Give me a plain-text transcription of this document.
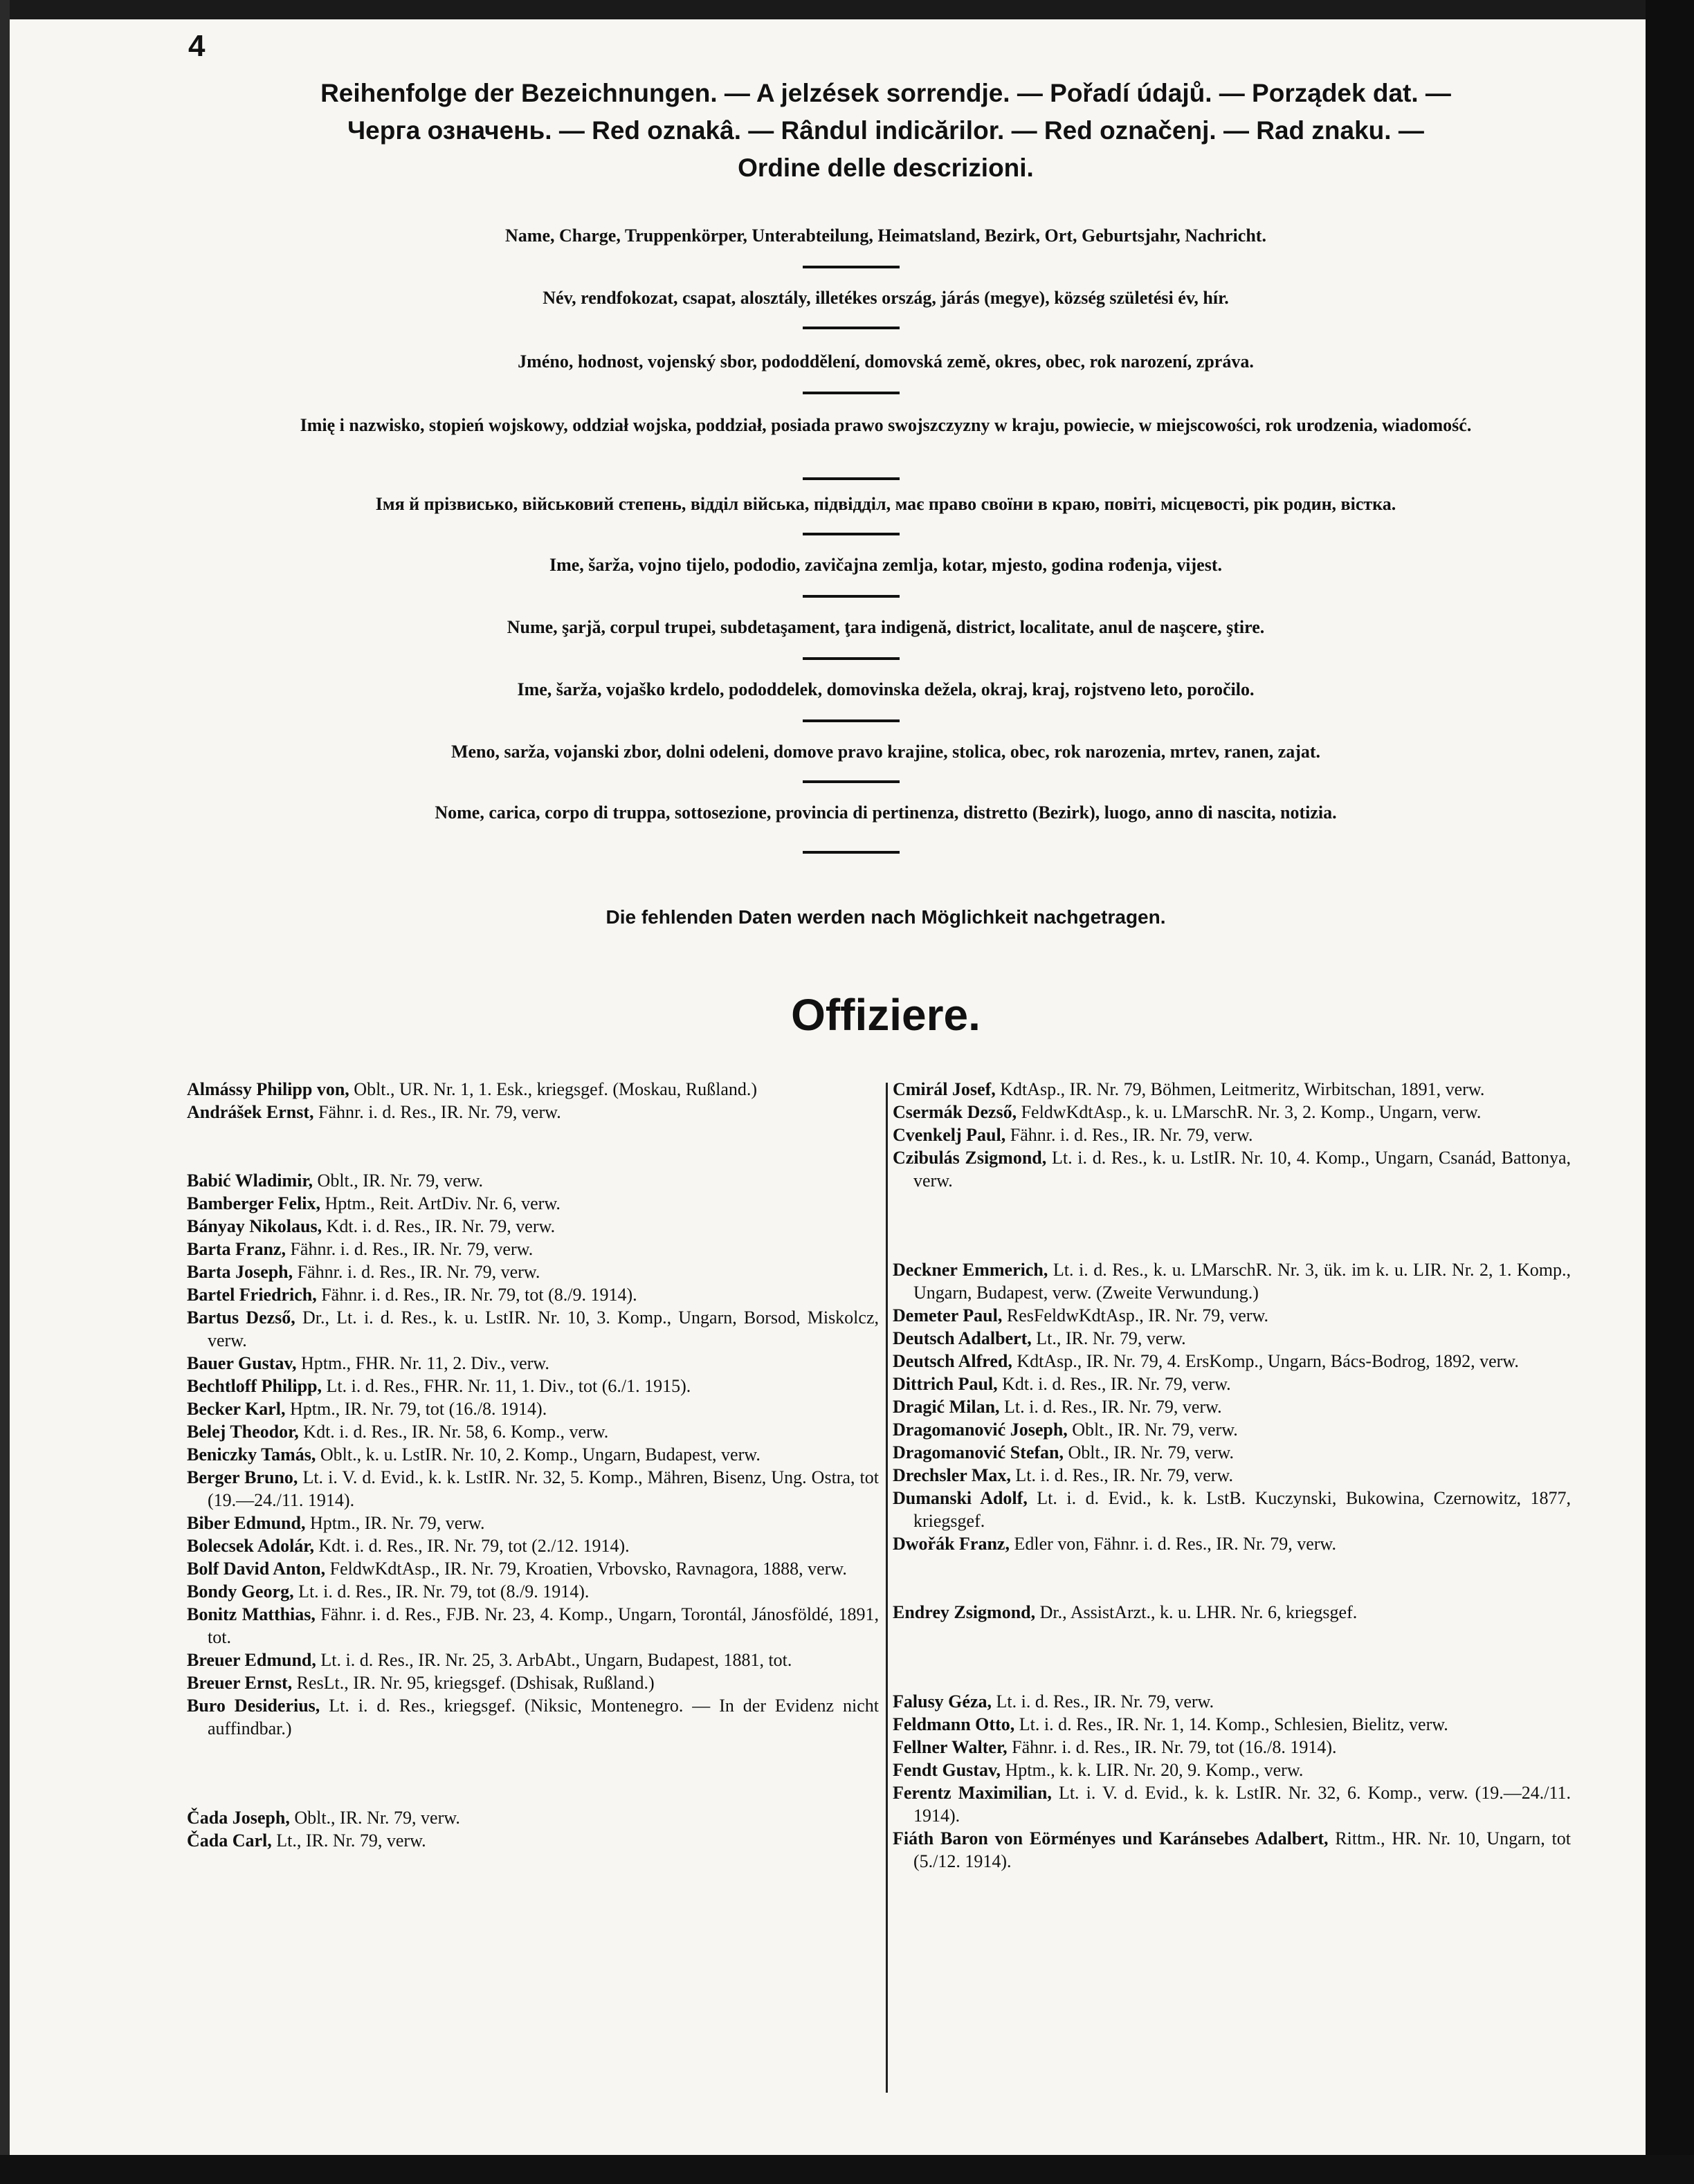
4
Reihenfolge der Bezeichnungen. — A jelzések sorrendje. — Pořadí údajů. — Porządek dat. —
Черга означень. — Red oznakâ. — Rândul indicărilor. — Red označenj. — Rad znaku. —
Ordine delle descrizioni.
Name, Charge, Truppenkörper, Unterabteilung, Heimatsland, Bezirk, Ort, Geburtsjahr, Nachricht.
Név, rendfokozat, csapat, alosztály, illetékes ország, járás (megye), község születési év, hír.
Jméno, hodnost, vojenský sbor, pododdělení, domovská země, okres, obec, rok narození, zpráva.
Imię i nazwisko, stopień wojskowy, oddział wojska, poddział, posiada prawo swojszczyzny w kraju, powiecie, w miejscowości, rok urodzenia, wiadomość.
Імя й прізвисько, військовий степень, відділ війська, підвідділ, має право своїни в краю, повіті, місцевості, рік родин, вістка.
Ime, šarža, vojno tijelo, pododio, zavičajna zemlja, kotar, mjesto, godina rođenja, vijest.
Nume, şarjă, corpul trupei, subdetaşament, ţara indigenă, district, localitate, anul de naşcere, ştire.
Ime, šarža, vojaško krdelo, pododdelek, domovinska dežela, okraj, kraj, rojstveno leto, poročilo.
Meno, sarža, vojanski zbor, dolni odeleni, domove pravo krajine, stolica, obec, rok narozenia, mrtev, ranen, zajat.
Nome, carica, corpo di truppa, sottosezione, provincia di pertinenza, distretto (Bezirk), luogo, anno di nascita, notizia.
Die fehlenden Daten werden nach Möglichkeit nachgetragen.
Offiziere.
Almássy Philipp von, Oblt., UR. Nr. 1, 1. Esk., kriegsgef. (Moskau, Rußland.)
Andrášek Ernst, Fähnr. i. d. Res., IR. Nr. 79, verw.
Babić Wladimir, Oblt., IR. Nr. 79, verw.
Bamberger Felix, Hptm., Reit. ArtDiv. Nr. 6, verw.
Bányay Nikolaus, Kdt. i. d. Res., IR. Nr. 79, verw.
Barta Franz, Fähnr. i. d. Res., IR. Nr. 79, verw.
Barta Joseph, Fähnr. i. d. Res., IR. Nr. 79, verw.
Bartel Friedrich, Fähnr. i. d. Res., IR. Nr. 79, tot (8./9. 1914).
Bartus Dezső, Dr., Lt. i. d. Res., k. u. LstIR. Nr. 10, 3. Komp., Ungarn, Borsod, Miskolcz, verw.
Bauer Gustav, Hptm., FHR. Nr. 11, 2. Div., verw.
Bechtloff Philipp, Lt. i. d. Res., FHR. Nr. 11, 1. Div., tot (6./1. 1915).
Becker Karl, Hptm., IR. Nr. 79, tot (16./8. 1914).
Belej Theodor, Kdt. i. d. Res., IR. Nr. 58, 6. Komp., verw.
Beniczky Tamás, Oblt., k. u. LstIR. Nr. 10, 2. Komp., Ungarn, Budapest, verw.
Berger Bruno, Lt. i. V. d. Evid., k. k. LstIR. Nr. 32, 5. Komp., Mähren, Bisenz, Ung. Ostra, tot (19.—24./11. 1914).
Biber Edmund, Hptm., IR. Nr. 79, verw.
Bolecsek Adolár, Kdt. i. d. Res., IR. Nr. 79, tot (2./12. 1914).
Bolf David Anton, FeldwKdtAsp., IR. Nr. 79, Kroatien, Vrbovsko, Ravnagora, 1888, verw.
Bondy Georg, Lt. i. d. Res., IR. Nr. 79, tot (8./9. 1914).
Bonitz Matthias, Fähnr. i. d. Res., FJB. Nr. 23, 4. Komp., Ungarn, Torontál, Jánosföldé, 1891, tot.
Breuer Edmund, Lt. i. d. Res., IR. Nr. 25, 3. ArbAbt., Ungarn, Budapest, 1881, tot.
Breuer Ernst, ResLt., IR. Nr. 95, kriegsgef. (Dshisak, Rußland.)
Buro Desiderius, Lt. i. d. Res., kriegsgef. (Niksic, Montenegro. — In der Evidenz nicht auffindbar.)
Čada Joseph, Oblt., IR. Nr. 79, verw.
Čada Carl, Lt., IR. Nr. 79, verw.
Cmirál Josef, KdtAsp., IR. Nr. 79, Böhmen, Leitmeritz, Wirbitschan, 1891, verw.
Csermák Dezső, FeldwKdtAsp., k. u. LMarschR. Nr. 3, 2. Komp., Ungarn, verw.
Cvenkelj Paul, Fähnr. i. d. Res., IR. Nr. 79, verw.
Czibulás Zsigmond, Lt. i. d. Res., k. u. LstIR. Nr. 10, 4. Komp., Ungarn, Csanád, Battonya, verw.
Deckner Emmerich, Lt. i. d. Res., k. u. LMarschR. Nr. 3, ük. im k. u. LIR. Nr. 2, 1. Komp., Ungarn, Budapest, verw. (Zweite Verwundung.)
Demeter Paul, ResFeldwKdtAsp., IR. Nr. 79, verw.
Deutsch Adalbert, Lt., IR. Nr. 79, verw.
Deutsch Alfred, KdtAsp., IR. Nr. 79, 4. ErsKomp., Ungarn, Bács-Bodrog, 1892, verw.
Dittrich Paul, Kdt. i. d. Res., IR. Nr. 79, verw.
Dragić Milan, Lt. i. d. Res., IR. Nr. 79, verw.
Dragomanović Joseph, Oblt., IR. Nr. 79, verw.
Dragomanović Stefan, Oblt., IR. Nr. 79, verw.
Drechsler Max, Lt. i. d. Res., IR. Nr. 79, verw.
Dumanski Adolf, Lt. i. d. Evid., k. k. LstB. Kuczynski, Bukowina, Czernowitz, 1877, kriegsgef.
Dwořák Franz, Edler von, Fähnr. i. d. Res., IR. Nr. 79, verw.
Endrey Zsigmond, Dr., AssistArzt., k. u. LHR. Nr. 6, kriegsgef.
Falusy Géza, Lt. i. d. Res., IR. Nr. 79, verw.
Feldmann Otto, Lt. i. d. Res., IR. Nr. 1, 14. Komp., Schlesien, Bielitz, verw.
Fellner Walter, Fähnr. i. d. Res., IR. Nr. 79, tot (16./8. 1914).
Fendt Gustav, Hptm., k. k. LIR. Nr. 20, 9. Komp., verw.
Ferentz Maximilian, Lt. i. V. d. Evid., k. k. LstIR. Nr. 32, 6. Komp., verw. (19.—24./11. 1914).
Fiáth Baron von Eörményes und Karánsebes Adalbert, Rittm., HR. Nr. 10, Ungarn, tot (5./12. 1914).
